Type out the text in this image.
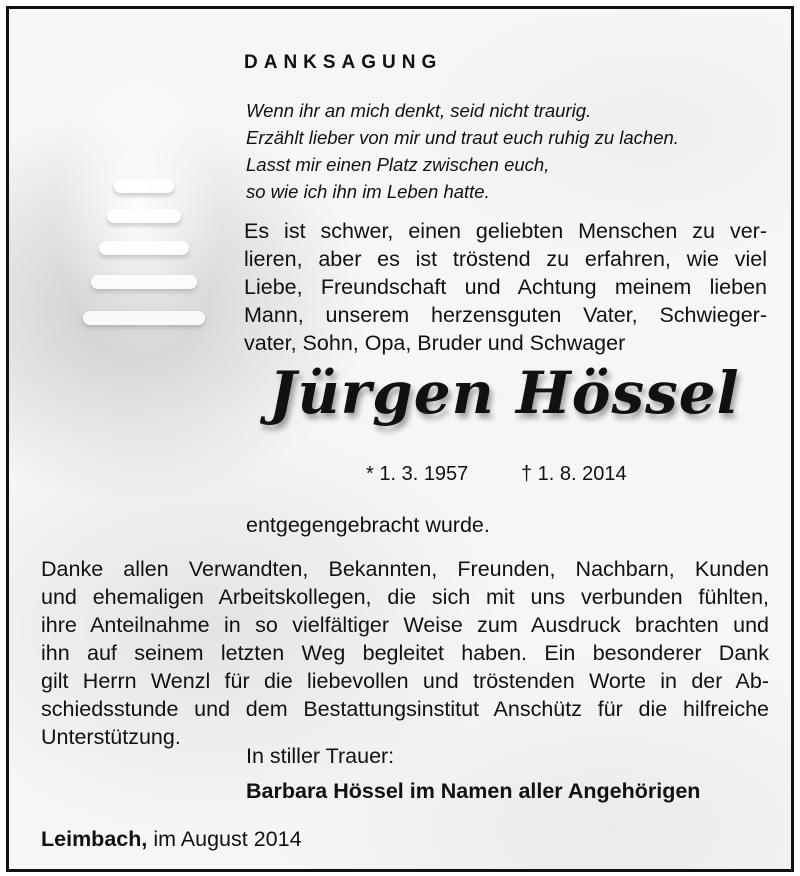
DANKSAGUNG
Wenn ihr an mich denkt, seid nicht traurig.
Erzählt lieber von mir und traut euch ruhig zu lachen.
Lasst mir einen Platz zwischen euch,
so wie ich ihn im Leben hatte.
Es ist schwer, einen geliebten Menschen zu ver-
lieren, aber es ist tröstend zu erfahren, wie viel
Liebe, Freundschaft und Achtung meinem lieben
Mann, unserem herzensguten Vater, Schwieger-
vater, Sohn, Opa, Bruder und Schwager
Jürgen Hössel
* 1. 3. 1957	† 1. 8. 2014
entgegengebracht wurde.
Danke allen Verwandten, Bekannten, Freunden, Nachbarn, Kunden
und ehemaligen Arbeitskollegen, die sich mit uns verbunden fühlten,
ihre Anteilnahme in so vielfältiger Weise zum Ausdruck brachten und
ihn auf seinem letzten Weg begleitet haben. Ein besonderer Dank
gilt Herrn Wenzl für die liebevollen und tröstenden Worte in der Ab-
schiedsstunde und dem Bestattungsinstitut Anschütz für die hilfreiche
Unterstützung.
In stiller Trauer:
Barbara Hössel im Namen aller Angehörigen
Leimbach, im August 2014
